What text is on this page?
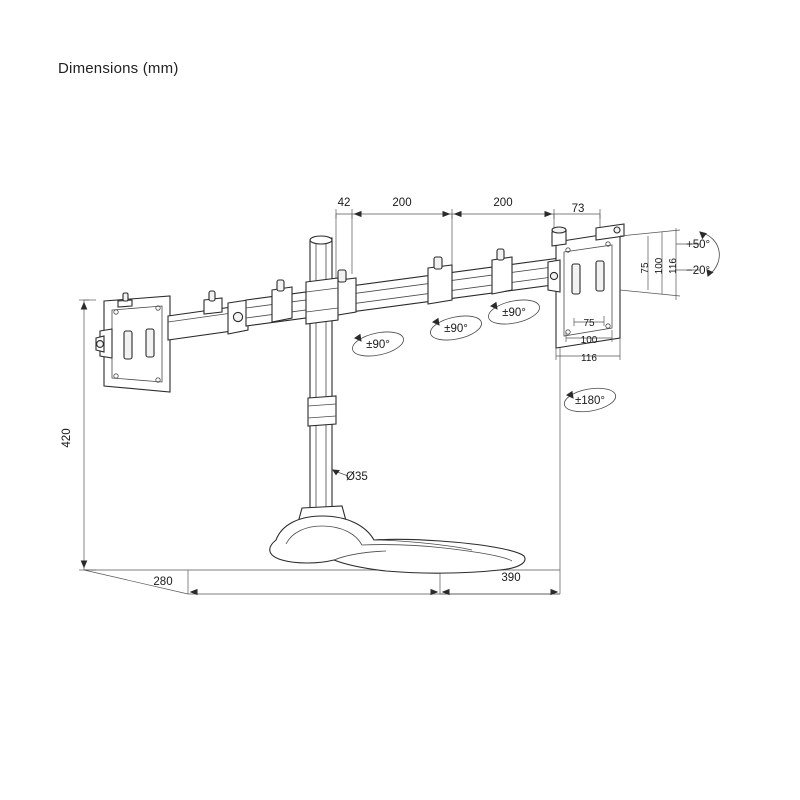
Dimensions (mm)
42	200	200	73
420
280	390
Ø35
75 100 116
75
100
116
+50°
−20°
±90°
±90°
±90°
±180°
